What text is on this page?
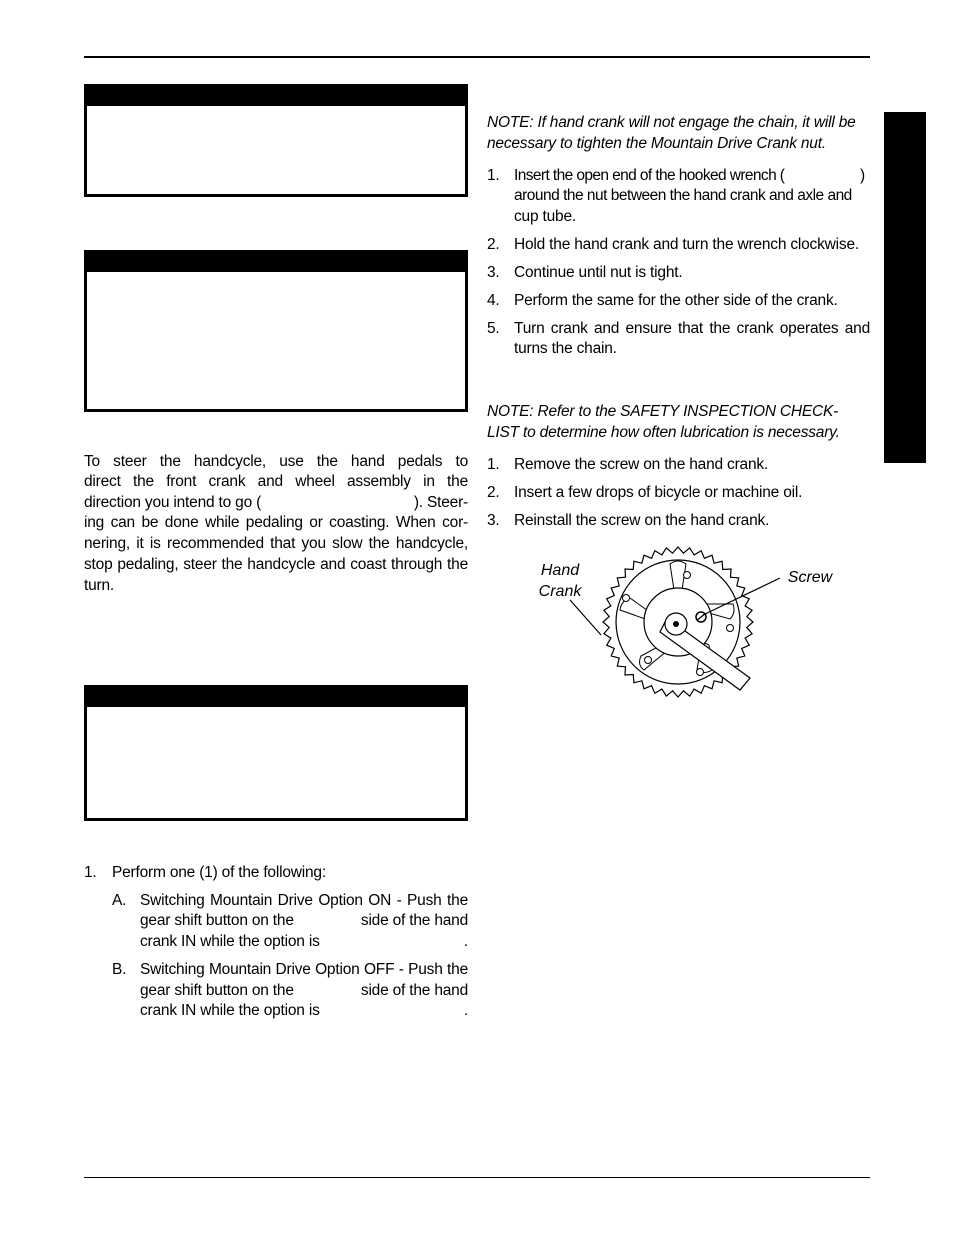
To steer the handcycle, use the hand pedals to
direct the front crank and wheel assembly in the
direction you intend to go (	). Steer-
ing can be done while pedaling or coasting. When cor-
nering, it is recommended that you slow the handcycle,
stop pedaling, steer the handcycle and coast through the
turn.
1. Perform one (1) of the following:
A. Switching Mountain Drive Option ON - Push the
gear shift button on the	side of the hand
crank IN while the option is	.
B. Switching Mountain Drive Option OFF - Push the
gear shift button on the	side of the hand
crank IN while the option is	.
NOTE: If hand crank will not engage the chain, it will be
necessary to tighten the Mountain Drive Crank nut.
1. Insert the open end of the hooked wrench (	)
around the nut between the hand crank and axle and
cup tube.
2. Hold the hand crank and turn the wrench clockwise.
3. Continue until nut is tight.
4. Perform the same for the other side of the crank.
5. Turn crank and ensure that the crank operates and
turns the chain.
NOTE: Refer to the SAFETY INSPECTION CHECK-
LIST to determine how often lubrication is necessary.
1. Remove the screw on the hand crank.
2. Insert a few drops of bicycle or machine oil.
3. Reinstall the screw on the hand crank.
Hand
Crank
Screw
